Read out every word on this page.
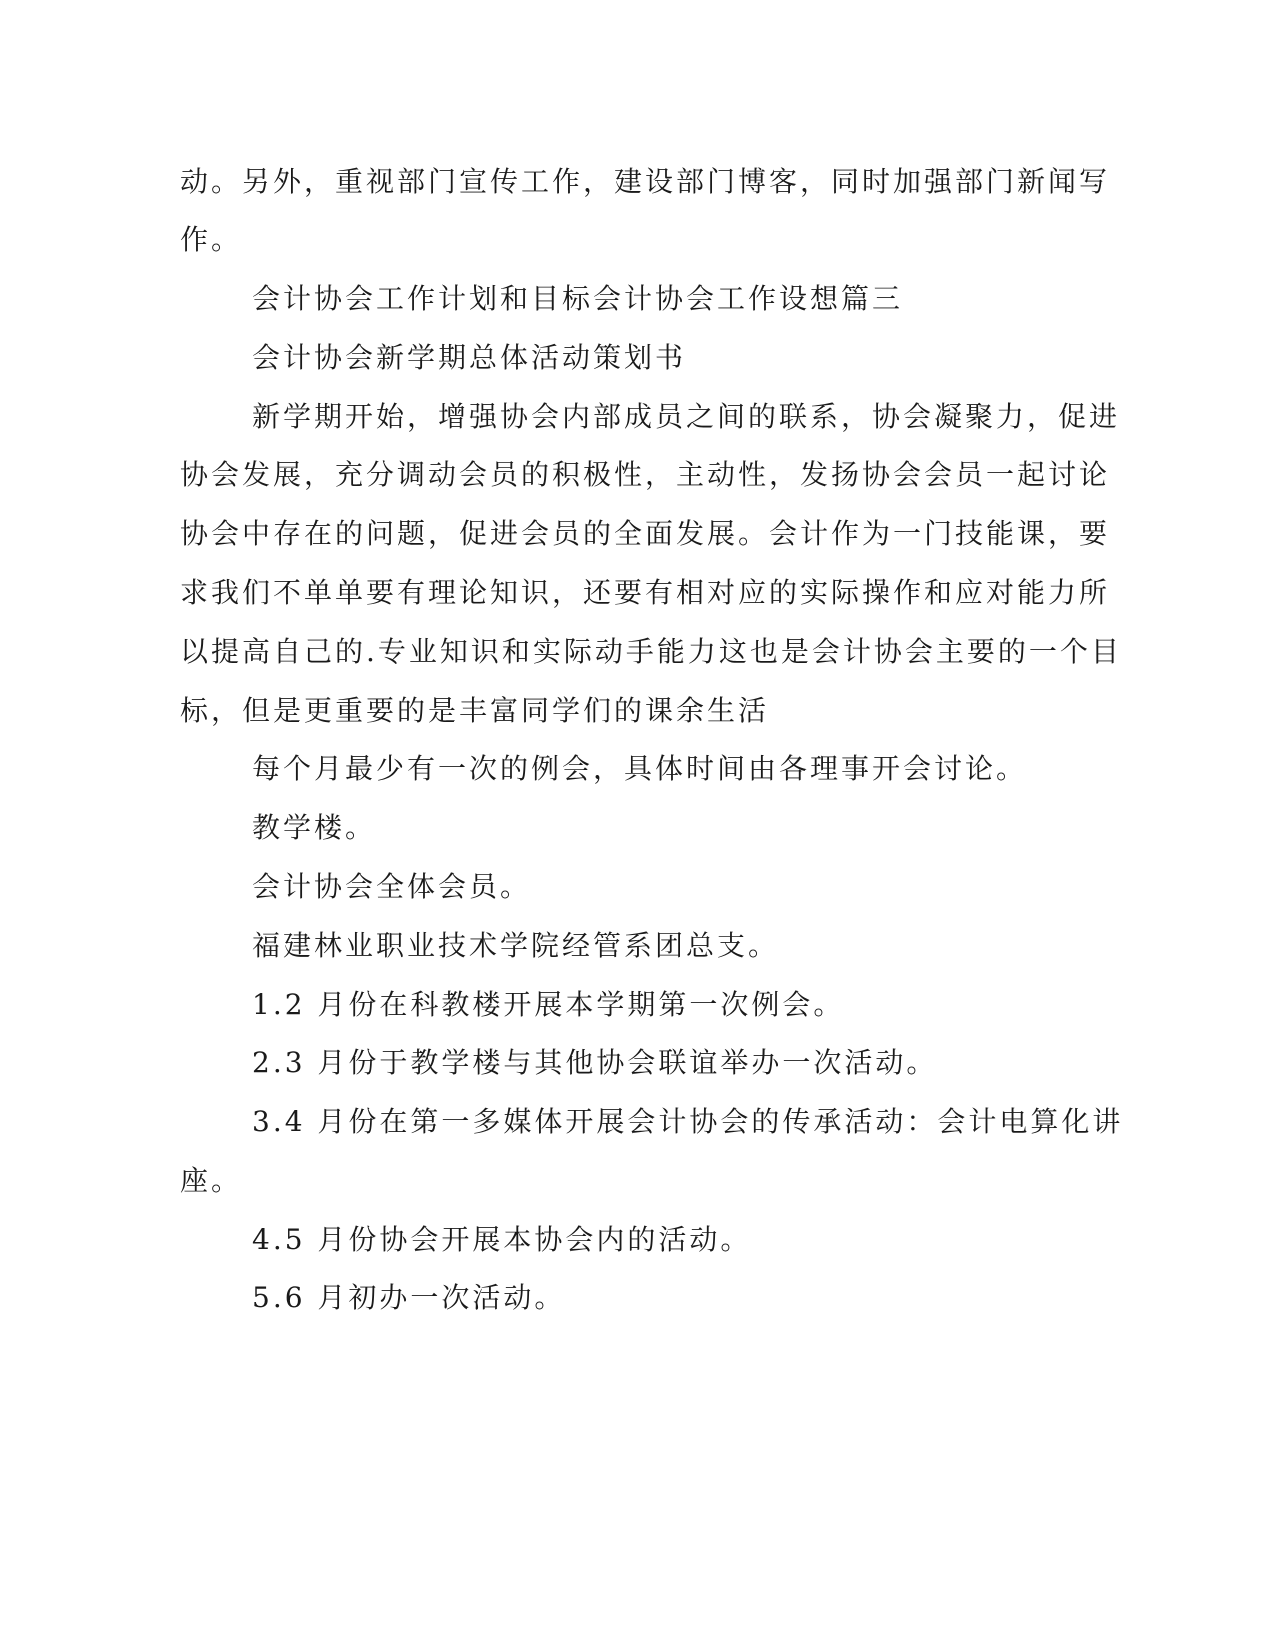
动。另外，重视部门宣传工作，建设部门博客，同时加强部门新闻写
作。
会计协会工作计划和目标会计协会工作设想篇三
会计协会新学期总体活动策划书
新学期开始，增强协会内部成员之间的联系，协会凝聚力，促进
协会发展，充分调动会员的积极性，主动性，发扬协会会员一起讨论
协会中存在的问题，促进会员的全面发展。会计作为一门技能课，要
求我们不单单要有理论知识，还要有相对应的实际操作和应对能力所
以提高自己的.专业知识和实际动手能力这也是会计协会主要的一个目
标，但是更重要的是丰富同学们的课余生活
每个月最少有一次的例会，具体时间由各理事开会讨论。
教学楼。
会计协会全体会员。
福建林业职业技术学院经管系团总支。
1.2 月份在科教楼开展本学期第一次例会。
2.3 月份于教学楼与其他协会联谊举办一次活动。
3.4 月份在第一多媒体开展会计协会的传承活动：会计电算化讲
座。
4.5 月份协会开展本协会内的活动。
5.6 月初办一次活动。
